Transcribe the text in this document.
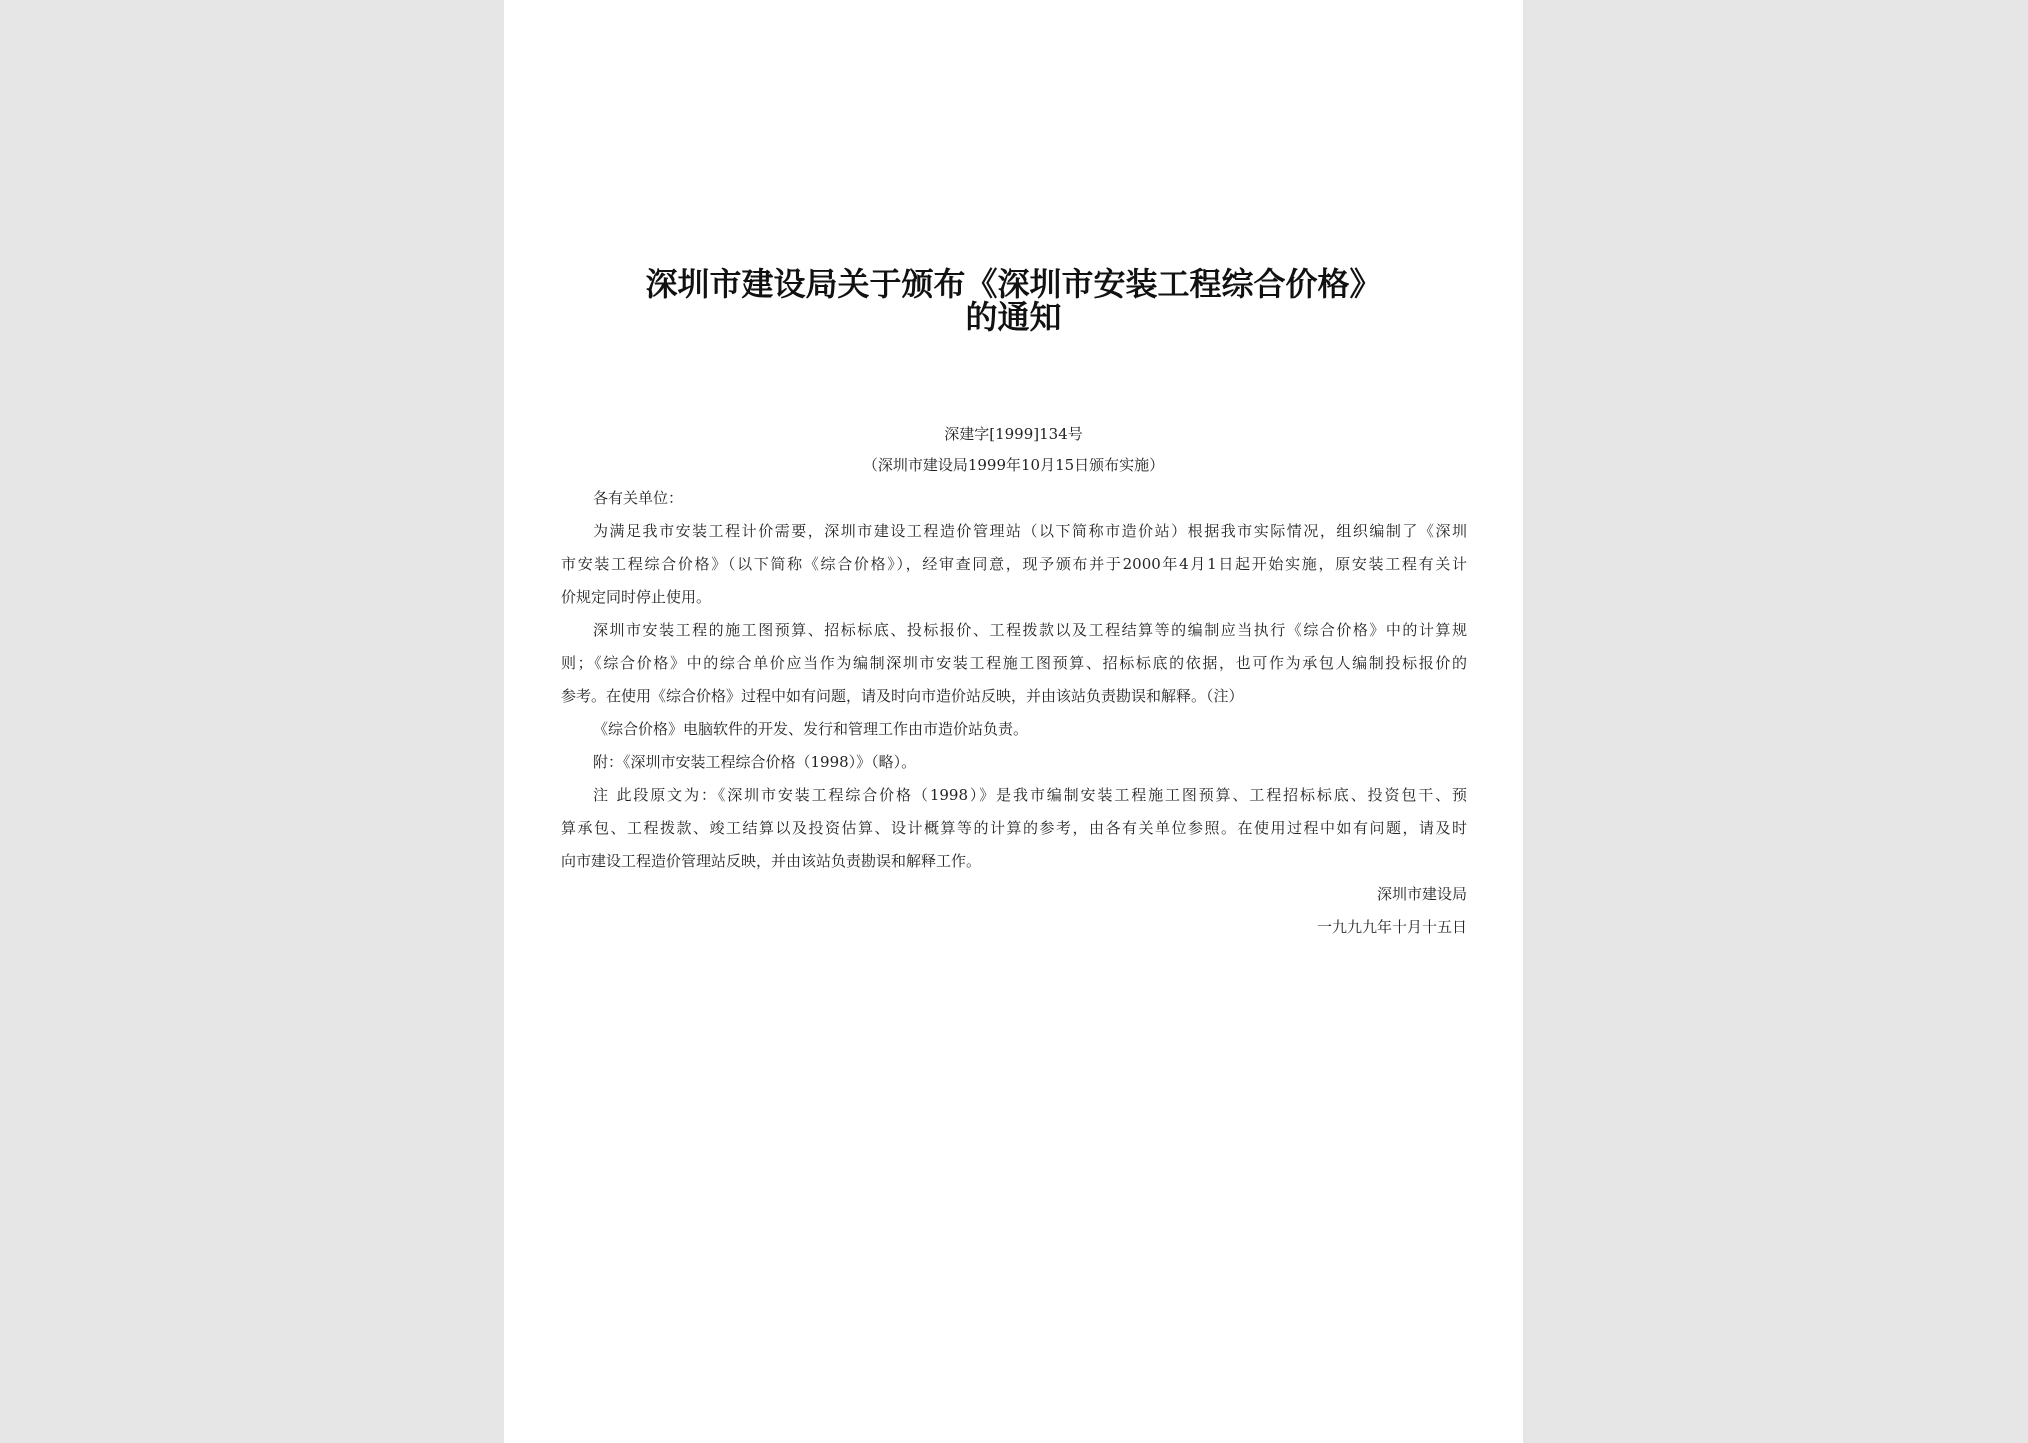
深圳市建设局关于颁布《深圳市安装工程综合价格》
的通知
深建字[1999]134号
（深圳市建设局1999年10月15日颁布实施）
各有关单位：
为满足我市安装工程计价需要，深圳市建设工程造价管理站（以下简称市造价站）根据我市实际情况，组织编制了《深圳
市安装工程综合价格》（以下简称《综合价格》），经审查同意，现予颁布并于2000年4月1日起开始实施，原安装工程有关计
价规定同时停止使用。
深圳市安装工程的施工图预算、招标标底、投标报价、工程拨款以及工程结算等的编制应当执行《综合价格》中的计算规
则；《综合价格》中的综合单价应当作为编制深圳市安装工程施工图预算、招标标底的依据，也可作为承包人编制投标报价的
参考。在使用《综合价格》过程中如有问题，请及时向市造价站反映，并由该站负责勘误和解释。（注）
《综合价格》电脑软件的开发、发行和管理工作由市造价站负责。
附：《深圳市安装工程综合价格（1998）》（略）。
注 此段原文为：《深圳市安装工程综合价格（1998）》是我市编制安装工程施工图预算、工程招标标底、投资包干、预
算承包、工程拨款、竣工结算以及投资估算、设计概算等的计算的参考，由各有关单位参照。在使用过程中如有问题，请及时
向市建设工程造价管理站反映，并由该站负责勘误和解释工作。
深圳市建设局
一九九九年十月十五日
